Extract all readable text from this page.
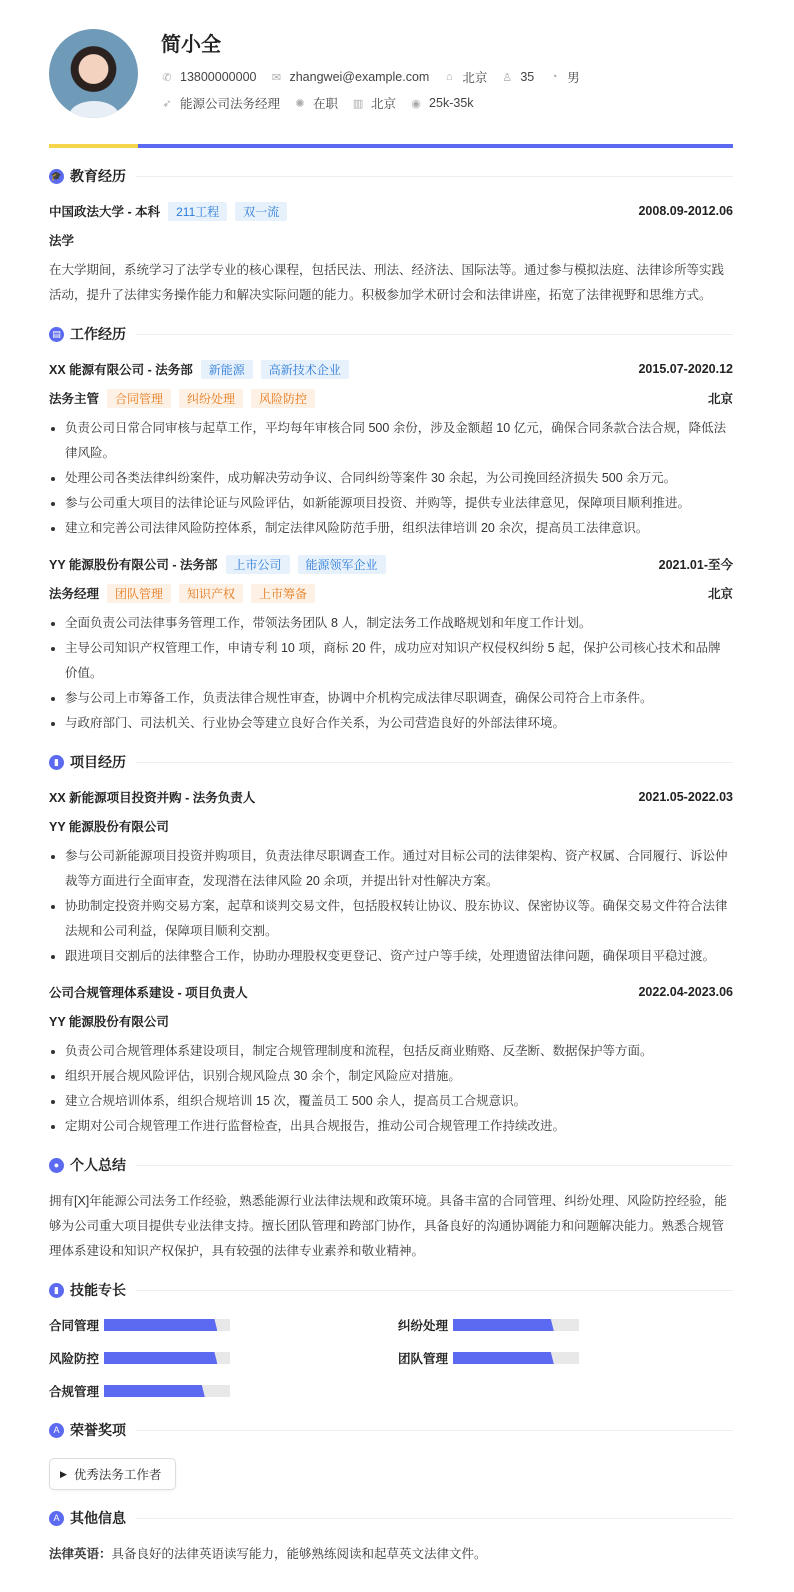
简小全
✆ 13800000000 ✉ zhangwei@example.com ⌂ 北京 ♙ 35 ◔ 男
➶ 能源公司法务经理 ✺ 在职 ▥ 北京 ◉ 25k-35k
🎓 教育经历
中国政法大学 - 本科	211工程	双一流	2008.09-2012.06
法学
在大学期间，系统学习了法学专业的核心课程，包括民法、刑法、经济法、国际法等。通过参与模拟法庭、法律诊所等实践活动，提升了法律实务操作能力和解决实际问题的能力。积极参加学术研讨会和法律讲座，拓宽了法律视野和思维方式。
▤ 工作经历
XX 能源有限公司 - 法务部	新能源	高新技术企业	2015.07-2020.12
法务主管	合同管理	纠纷处理	风险防控	北京
负责公司日常合同审核与起草工作，平均每年审核合同 500 余份，涉及金额超 10 亿元，确保合同条款合法合规，降低法律风险。
处理公司各类法律纠纷案件，成功解决劳动争议、合同纠纷等案件 30 余起，为公司挽回经济损失 500 余万元。
参与公司重大项目的法律论证与风险评估，如新能源项目投资、并购等，提供专业法律意见，保障项目顺利推进。
建立和完善公司法律风险防控体系，制定法律风险防范手册，组织法律培训 20 余次，提高员工法律意识。
YY 能源股份有限公司 - 法务部	上市公司	能源领军企业	2021.01-至今
法务经理	团队管理	知识产权	上市筹备	北京
全面负责公司法律事务管理工作，带领法务团队 8 人，制定法务工作战略规划和年度工作计划。
主导公司知识产权管理工作，申请专利 10 项，商标 20 件，成功应对知识产权侵权纠纷 5 起，保护公司核心技术和品牌价值。
参与公司上市筹备工作，负责法律合规性审查，协调中介机构完成法律尽职调查，确保公司符合上市条件。
与政府部门、司法机关、行业协会等建立良好合作关系，为公司营造良好的外部法律环境。
▮ 项目经历
XX 新能源项目投资并购 - 法务负责人	2021.05-2022.03
YY 能源股份有限公司
参与公司新能源项目投资并购项目，负责法律尽职调查工作。通过对目标公司的法律架构、资产权属、合同履行、诉讼仲裁等方面进行全面审查，发现潜在法律风险 20 余项，并提出针对性解决方案。
协助制定投资并购交易方案，起草和谈判交易文件，包括股权转让协议、股东协议、保密协议等。确保交易文件符合法律法规和公司利益，保障项目顺利交割。
跟进项目交割后的法律整合工作，协助办理股权变更登记、资产过户等手续，处理遗留法律问题，确保项目平稳过渡。
公司合规管理体系建设 - 项目负责人	2022.04-2023.06
YY 能源股份有限公司
负责公司合规管理体系建设项目，制定合规管理制度和流程，包括反商业贿赂、反垄断、数据保护等方面。
组织开展合规风险评估，识别合规风险点 30 余个，制定风险应对措施。
建立合规培训体系，组织合规培训 15 次，覆盖员工 500 余人，提高员工合规意识。
定期对公司合规管理工作进行监督检查，出具合规报告，推动公司合规管理工作持续改进。
● 个人总结
拥有[X]年能源公司法务工作经验，熟悉能源行业法律法规和政策环境。具备丰富的合同管理、纠纷处理、风险防控经验，能够为公司重大项目提供专业法律支持。擅长团队管理和跨部门协作，具备良好的沟通协调能力和问题解决能力。熟悉合规管理体系建设和知识产权保护，具有较强的法律专业素养和敬业精神。
▮ 技能专长
合同管理	纠纷处理
风险防控	团队管理
合规管理
A 荣誉奖项
▶ 优秀法务工作者
A 其他信息
法律英语：具备良好的法律英语读写能力，能够熟练阅读和起草英文法律文件。
